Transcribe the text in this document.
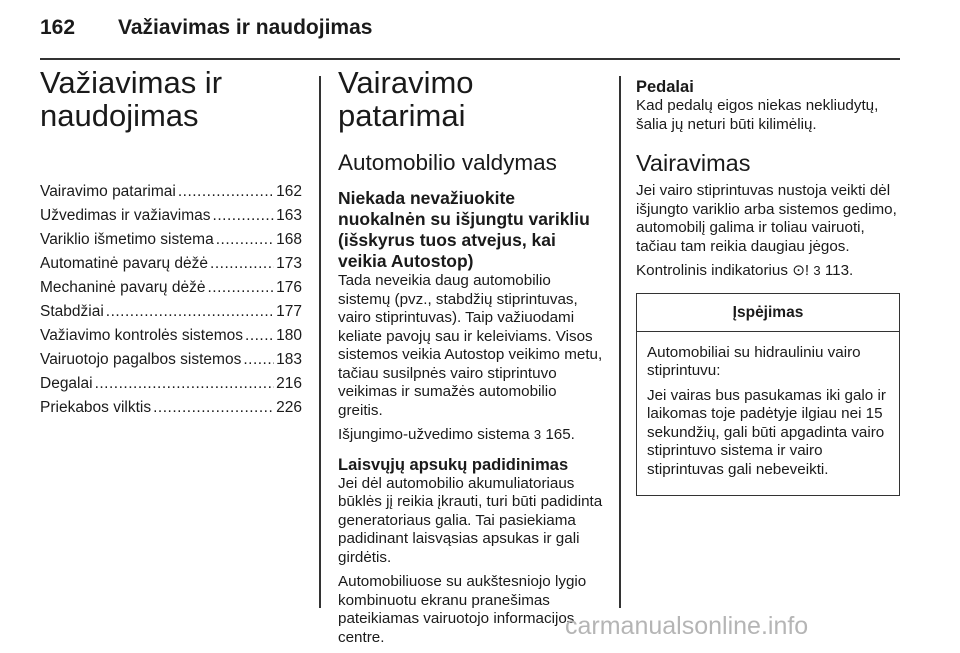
162 Važiavimas ir naudojimas
Važiavimas ir
naudojimas
Vairavimo patarimai .....	162
Užvedimas ir važiavimas .....	163
Variklio išmetimo sistema .....	168
Automatinė pavarų dėžė .....	173
Mechaninė pavarų dėžė .....	176
Stabdžiai .....	177
Važiavimo kontrolės sistemos ..... 180
Vairuotojo pagalbos sistemos ..... 183
Degalai .....	216
Priekabos vilktis .....	226
Vairavimo patarimai
Automobilio valdymas
Niekada nevažiuokite nuokalnėn su išjungtu varikliu (išskyrus tuos atvejus, kai veikia Autostop)

Tada neveikia daug automobilio sistemų (pvz., stabdžių stiprintuvas, vairo stiprintuvas). Taip važiuodami keliate pavojų sau ir keleiviams. Visos sistemos veikia Autostop veikimo metu, tačiau susilpnės vairo stiprintuvo veikimas ir sumažės automobilio greitis.

Išjungimo-užvedimo sistema 3 165.

Laisvųjų apsukų padidinimas

Jei dėl automobilio akumuliatoriaus būklės jį reikia įkrauti, turi būti padidinta generatoriaus galia. Tai pasiekiama padidinant laisvąsias apsukas ir gali girdėtis.

Automobiliuose su aukštesniojo lygio kombinuotu ekranu pranešimas pateikiamas vairuotojo informacijos centre.

Pedalai

Kad pedalų eigos niekas nekliudytų, šalia jų neturi būti kilimėlių.

Vairavimas

Jei vairo stiprintuvas nustoja veikti dėl išjungto variklio arba sistemos gedimo, automobilį galima ir toliau vairuoti, tačiau tam reikia daugiau jėgos.

Kontrolinis indikatorius ⊙! 3 113.

Įspėjimas

Automobiliai su hidrauliniu vairo stiprintuvu:

Jei vairas bus pasukamas iki galo ir laikomas toje padėtyje ilgiau nei 15 sekundžių, gali būti apgadinta vairo stiprintuvo sistema ir vairo stiprintuvas gali nebeveikti.

carmanualsonline.info
